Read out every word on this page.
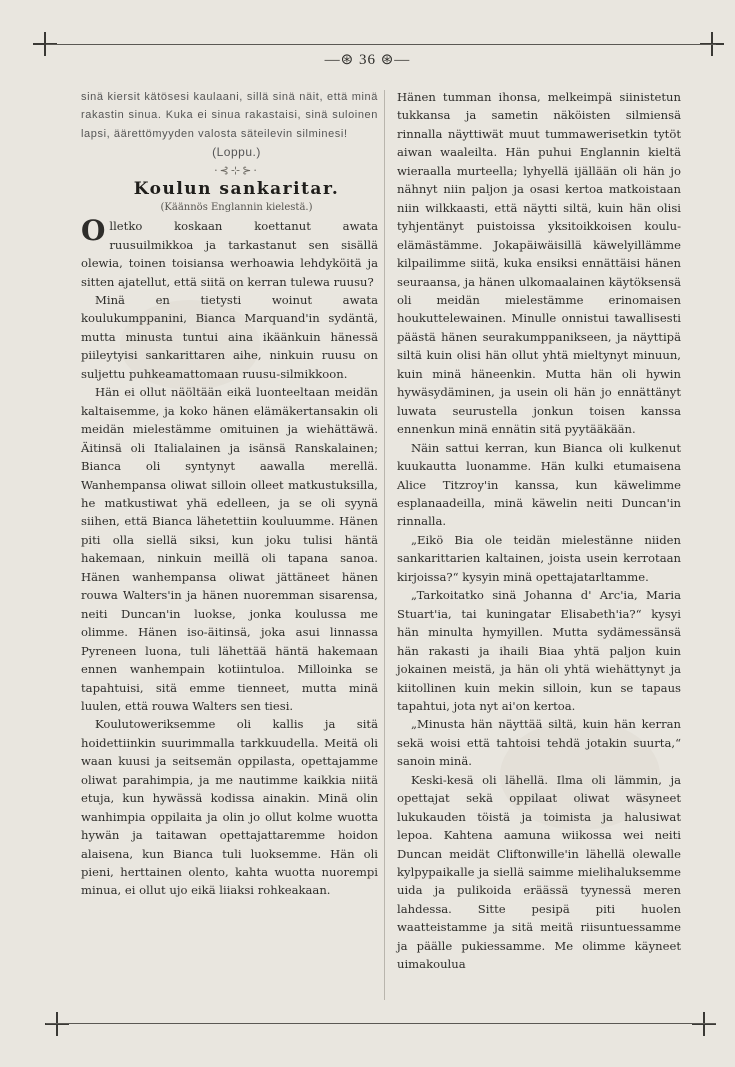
—⊛ 36 ⊛—

sinä kiersit kätösesi kaulaani, sillä sinä näit, että minä rakastin sinua. Kuka ei sinua rakastaisi, sinä suloinen lapsi, äärettömyyden valosta säteilevin silminesi!

(Loppu.)

·⊰⊹⊱·

Koulun sankaritar.

(Käännös Englannin kielestä.)

Olletko koskaan koettanut awata ruusuilmikkoa ja tarkastanut sen sisällä olewia, toinen toisiansa werhoawia lehdyköitä ja sitten ajatellut, että siitä on kerran tulewa ruusu?

Minä en tietysti woinut awata koulukumppanini, Bianca Marquand'in sydäntä, mutta minusta tuntui aina ikäänkuin hänessä piileytyisi sankarittaren aihe, ninkuin ruusu on suljettu puhkeamattomaan ruusu-silmikkoon.

Hän ei ollut näöltään eikä luonteeltaan meidän kaltaisemme, ja koko hänen elämäkertansakin oli meidän mielestämme omituinen ja wiehättäwä. Äitinsä oli Italialainen ja isänsä Ranskalainen; Bianca oli syntynyt aawalla merellä. Wanhempansa oliwat silloin olleet matkustuksilla, he matkustiwat yhä edelleen, ja se oli syynä siihen, että Bianca lähetettiin kouluumme. Hänen piti olla siellä siksi, kun joku tulisi häntä hakemaan, ninkuin meillä oli tapana sanoa. Hänen wanhempansa oliwat jättäneet hänen rouwa Walters'in ja hänen nuoremman sisarensa, neiti Duncan'in luokse, jonka koulussa me olimme. Hänen iso-äitinsä, joka asui linnassa Pyreneen luona, tuli lähettää häntä hakemaan ennen wanhempain kotiintuloa. Milloinka se tapahtuisi, sitä emme tienneet, mutta minä luulen, että rouwa Walters sen tiesi.

Koulutoweriksemme oli kallis ja sitä hoidettiinkin suurimmalla tarkkuudella. Meitä oli waan kuusi ja seitsemän oppilasta, opettajamme oliwat parahimpia, ja me nautimme kaikkia niitä etuja, kun hywässä kodissa ainakin. Minä olin wanhimpia oppilaita ja olin jo ollut kolme wuotta hywän ja taitawan opettajattaremme hoidon alaisena, kun Bianca tuli luoksemme. Hän oli pieni, herttainen olento, kahta wuotta nuorempi minua, ei ollut ujo eikä liiaksi rohkeakaan.

Hänen tumman ihonsa, melkeimpä siinistetun tukkansa ja sametin näköisten silmiensä rinnalla näyttiwät muut tummawerisetkin tytöt aiwan waaleilta. Hän puhui Englannin kieltä wieraalla murteella; lyhyellä ijällään oli hän jo nähnyt niin paljon ja osasi kertoa matkoistaan niin wilkkaasti, että näytti siltä, kuin hän olisi tyhjentänyt puistoissa yksitoikkoisen koulu-elämästämme. Jokapäiwäisillä käwelyillämme kilpailimme siitä, kuka ensiksi ennättäisi hänen seuraansa, ja hänen ulkomaalainen käytöksensä oli meidän mielestämme erinomaisen houkuttelewainen. Minulle onnistui tawallisesti päästä hänen seurakumppanikseen, ja näyttipä siltä kuin olisi hän ollut yhtä mieltynyt minuun, kuin minä häneenkin. Mutta hän oli hywin hywäsydäminen, ja usein oli hän jo ennättänyt luwata seurustella jonkun toisen kanssa ennenkun minä ennätin sitä pyytääkään.

Näin sattui kerran, kun Bianca oli kulkenut kuukautta luonamme. Hän kulki etumaisena Alice Titzroy'in kanssa, kun käwelimme esplanaadeilla, minä käwelin neiti Duncan'in rinnalla.

„Eikö Bia ole teidän mielestänne niiden sankarittarien kaltainen, joista usein kerrotaan kirjoissa?“ kysyin minä opettajatarltamme.

„Tarkoitatko sinä Johanna d' Arc'ia, Maria Stuart'ia, tai kuningatar Elisabeth'ia?“ kysyi hän minulta hymyillen. Mutta sydämessänsä hän rakasti ja ihaili Biaa yhtä paljon kuin jokainen meistä, ja hän oli yhtä wiehättynyt ja kiitollinen kuin mekin silloin, kun se tapaus tapahtui, jota nyt ai'on kertoa.

„Minusta hän näyttää siltä, kuin hän kerran sekä woisi että tahtoisi tehdä jotakin suurta,“ sanoin minä.

Keski-kesä oli lähellä. Ilma oli lämmin, ja opettajat sekä oppilaat oliwat wäsyneet lukukauden töistä ja toimista ja halusiwat lepoa. Kahtena aamuna wiikossa wei neiti Duncan meidät Cliftonwille'in lähellä olewalle kylpypaikalle ja siellä saimme mielihaluksemme uida ja pulikoida eräässä tyynessä meren lahdessa. Sitte pesipä piti huolen waatteistamme ja sitä meitä riisuntuessamme ja päälle pukiessamme. Me olimme käyneet uimakoulua
